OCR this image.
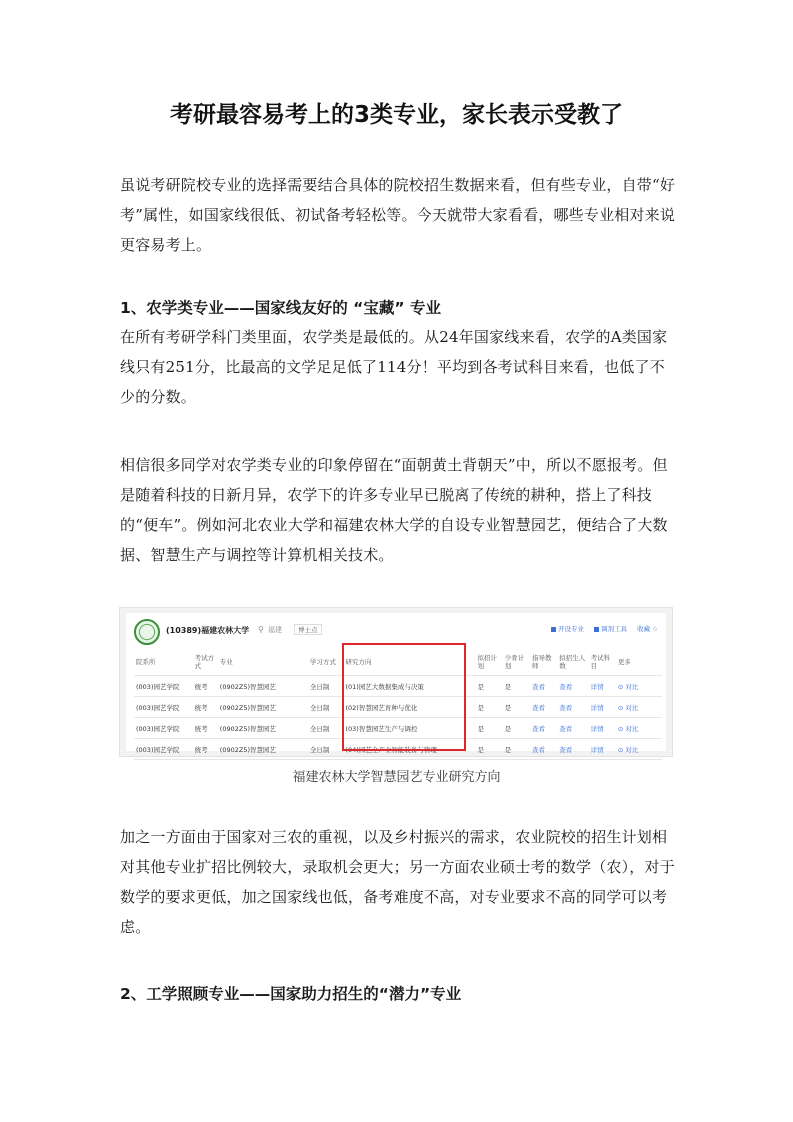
考研最容易考上的3类专业，家长表示受教了

虽说考研院校专业的选择需要结合具体的院校招生数据来看，但有些专业，自带“好考”属性，如国家线很低、初试备考轻松等。今天就带大家看看，哪些专业相对来说更容易考上。

1、农学类专业——国家线友好的 “宝藏” 专业

在所有考研学科门类里面，农学类是最低的。从24年国家线来看，农学的A类国家线只有251分，比最高的文学足足低了114分！平均到各考试科目来看，也低了不少的分数。

相信很多同学对农学类专业的印象停留在“面朝黄土背朝天”中，所以不愿报考。但是随着科技的日新月异，农学下的许多专业早已脱离了传统的耕种，搭上了科技的“便车”。例如河北农业大学和福建农林大学的自设专业智慧园艺，便结合了大数据、智慧生产与调控等计算机相关技术。

(10389)福建农林大学 ⚲ 福建	博士点	开设专业	调剂工具 收藏 ☆
院系所	考试方式	专业	学习方式	研究方向	拟招计划	少骨计划	指导教师	拟招生人数	考试科目	更多
(003)园艺学院	统考	(0902Z5)智慧园艺	全日制	(01)园艺大数据集成与决策	是	是	查看	查看	详情	⊙ 对比
(003)园艺学院	统考	(0902Z5)智慧园艺	全日制	(02)智慧园艺育种与优化	是	是	查看	查看	详情	⊙ 对比
(003)园艺学院	统考	(0902Z5)智慧园艺	全日制	(03)智慧园艺生产与调控	是	是	查看	查看	详情	⊙ 对比
(003)园艺学院	统考	(0902Z5)智慧园艺	全日制	(04)园艺全产业智能装备与管理	是	是	查看	查看	详情	⊙ 对比
福建农林大学智慧园艺专业研究方向

加之一方面由于国家对三农的重视，以及乡村振兴的需求，农业院校的招生计划相对其他专业扩招比例较大，录取机会更大；另一方面农业硕士考的数学（农），对于数学的要求更低，加之国家线也低，备考难度不高，对专业要求不高的同学可以考虑。

2、工学照顾专业——国家助力招生的“潜力”专业
